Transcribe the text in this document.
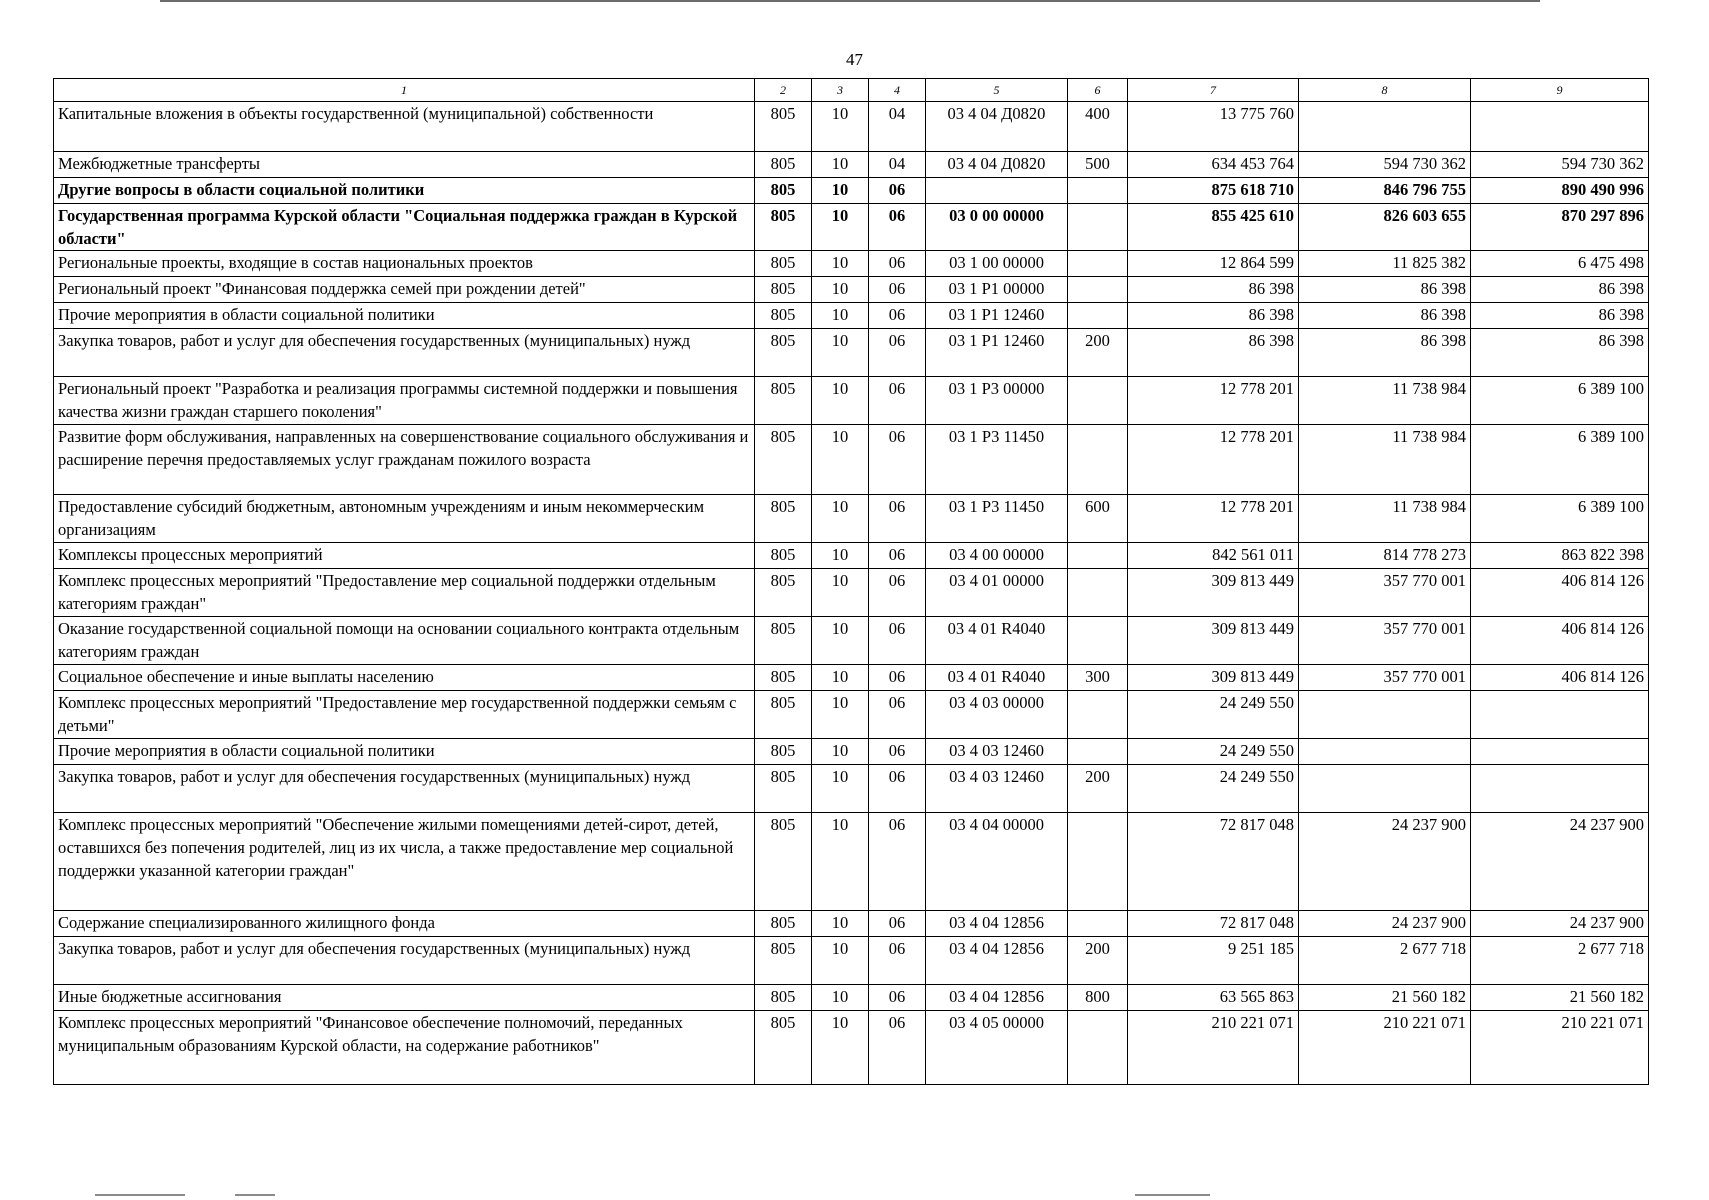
47
1	2	3	4	5	6	7	8	9
Капитальные вложения в объекты государственной (муниципальной) собственности	805	10	04	03 4 04 Д0820	400	13 775 760		
Межбюджетные трансферты	805	10	04	03 4 04 Д0820	500	634 453 764	594 730 362	594 730 362
Другие вопросы в области социальной политики	805	10	06			875 618 710	846 796 755	890 490 996
Государственная программа Курской области "Социальная поддержка граждан в Курской области"	805	10	06	03 0 00 00000		855 425 610	826 603 655	870 297 896
Региональные проекты, входящие в состав национальных проектов	805	10	06	03 1 00 00000		12 864 599	11 825 382	6 475 498
Региональный проект "Финансовая поддержка семей при рождении детей"	805	10	06	03 1 P1 00000		86 398	86 398	86 398
Прочие мероприятия в области социальной политики	805	10	06	03 1 P1 12460		86 398	86 398	86 398
Закупка товаров, работ и услуг для обеспечения государственных (муниципальных) нужд	805	10	06	03 1 P1 12460	200	86 398	86 398	86 398
Региональный проект "Разработка и реализация программы системной поддержки и повышения качества жизни граждан старшего поколения"	805	10	06	03 1 P3 00000		12 778 201	11 738 984	6 389 100
Развитие форм обслуживания, направленных на совершенствование социального обслуживания и расширение перечня предоставляемых услуг гражданам пожилого возраста	805	10	06	03 1 P3 11450		12 778 201	11 738 984	6 389 100
Предоставление субсидий бюджетным, автономным учреждениям и иным некоммерческим организациям	805	10	06	03 1 P3 11450	600	12 778 201	11 738 984	6 389 100
Комплексы процессных мероприятий	805	10	06	03 4 00 00000		842 561 011	814 778 273	863 822 398
Комплекс процессных мероприятий "Предоставление мер социальной поддержки отдельным категориям граждан"	805	10	06	03 4 01 00000		309 813 449	357 770 001	406 814 126
Оказание государственной социальной помощи на основании социального контракта отдельным категориям граждан	805	10	06	03 4 01 R4040		309 813 449	357 770 001	406 814 126
Социальное обеспечение и иные выплаты населению	805	10	06	03 4 01 R4040	300	309 813 449	357 770 001	406 814 126
Комплекс процессных мероприятий "Предоставление мер государственной поддержки семьям с детьми"	805	10	06	03 4 03 00000		24 249 550		
Прочие мероприятия в области социальной политики	805	10	06	03 4 03 12460		24 249 550		
Закупка товаров, работ и услуг для обеспечения государственных (муниципальных) нужд	805	10	06	03 4 03 12460	200	24 249 550		
Комплекс процессных мероприятий "Обеспечение жилыми помещениями детей-сирот, детей, оставшихся без попечения родителей, лиц из их числа, а также предоставление мер социальной поддержки указанной категории граждан"	805	10	06	03 4 04 00000		72 817 048	24 237 900	24 237 900
Содержание специализированного жилищного фонда	805	10	06	03 4 04 12856		72 817 048	24 237 900	24 237 900
Закупка товаров, работ и услуг для обеспечения государственных (муниципальных) нужд	805	10	06	03 4 04 12856	200	9 251 185	2 677 718	2 677 718
Иные бюджетные ассигнования	805	10	06	03 4 04 12856	800	63 565 863	21 560 182	21 560 182
Комплекс процессных мероприятий "Финансовое обеспечение полномочий, переданных муниципальным образованиям Курской области, на содержание работников"	805	10	06	03 4 05 00000		210 221 071	210 221 071	210 221 071
